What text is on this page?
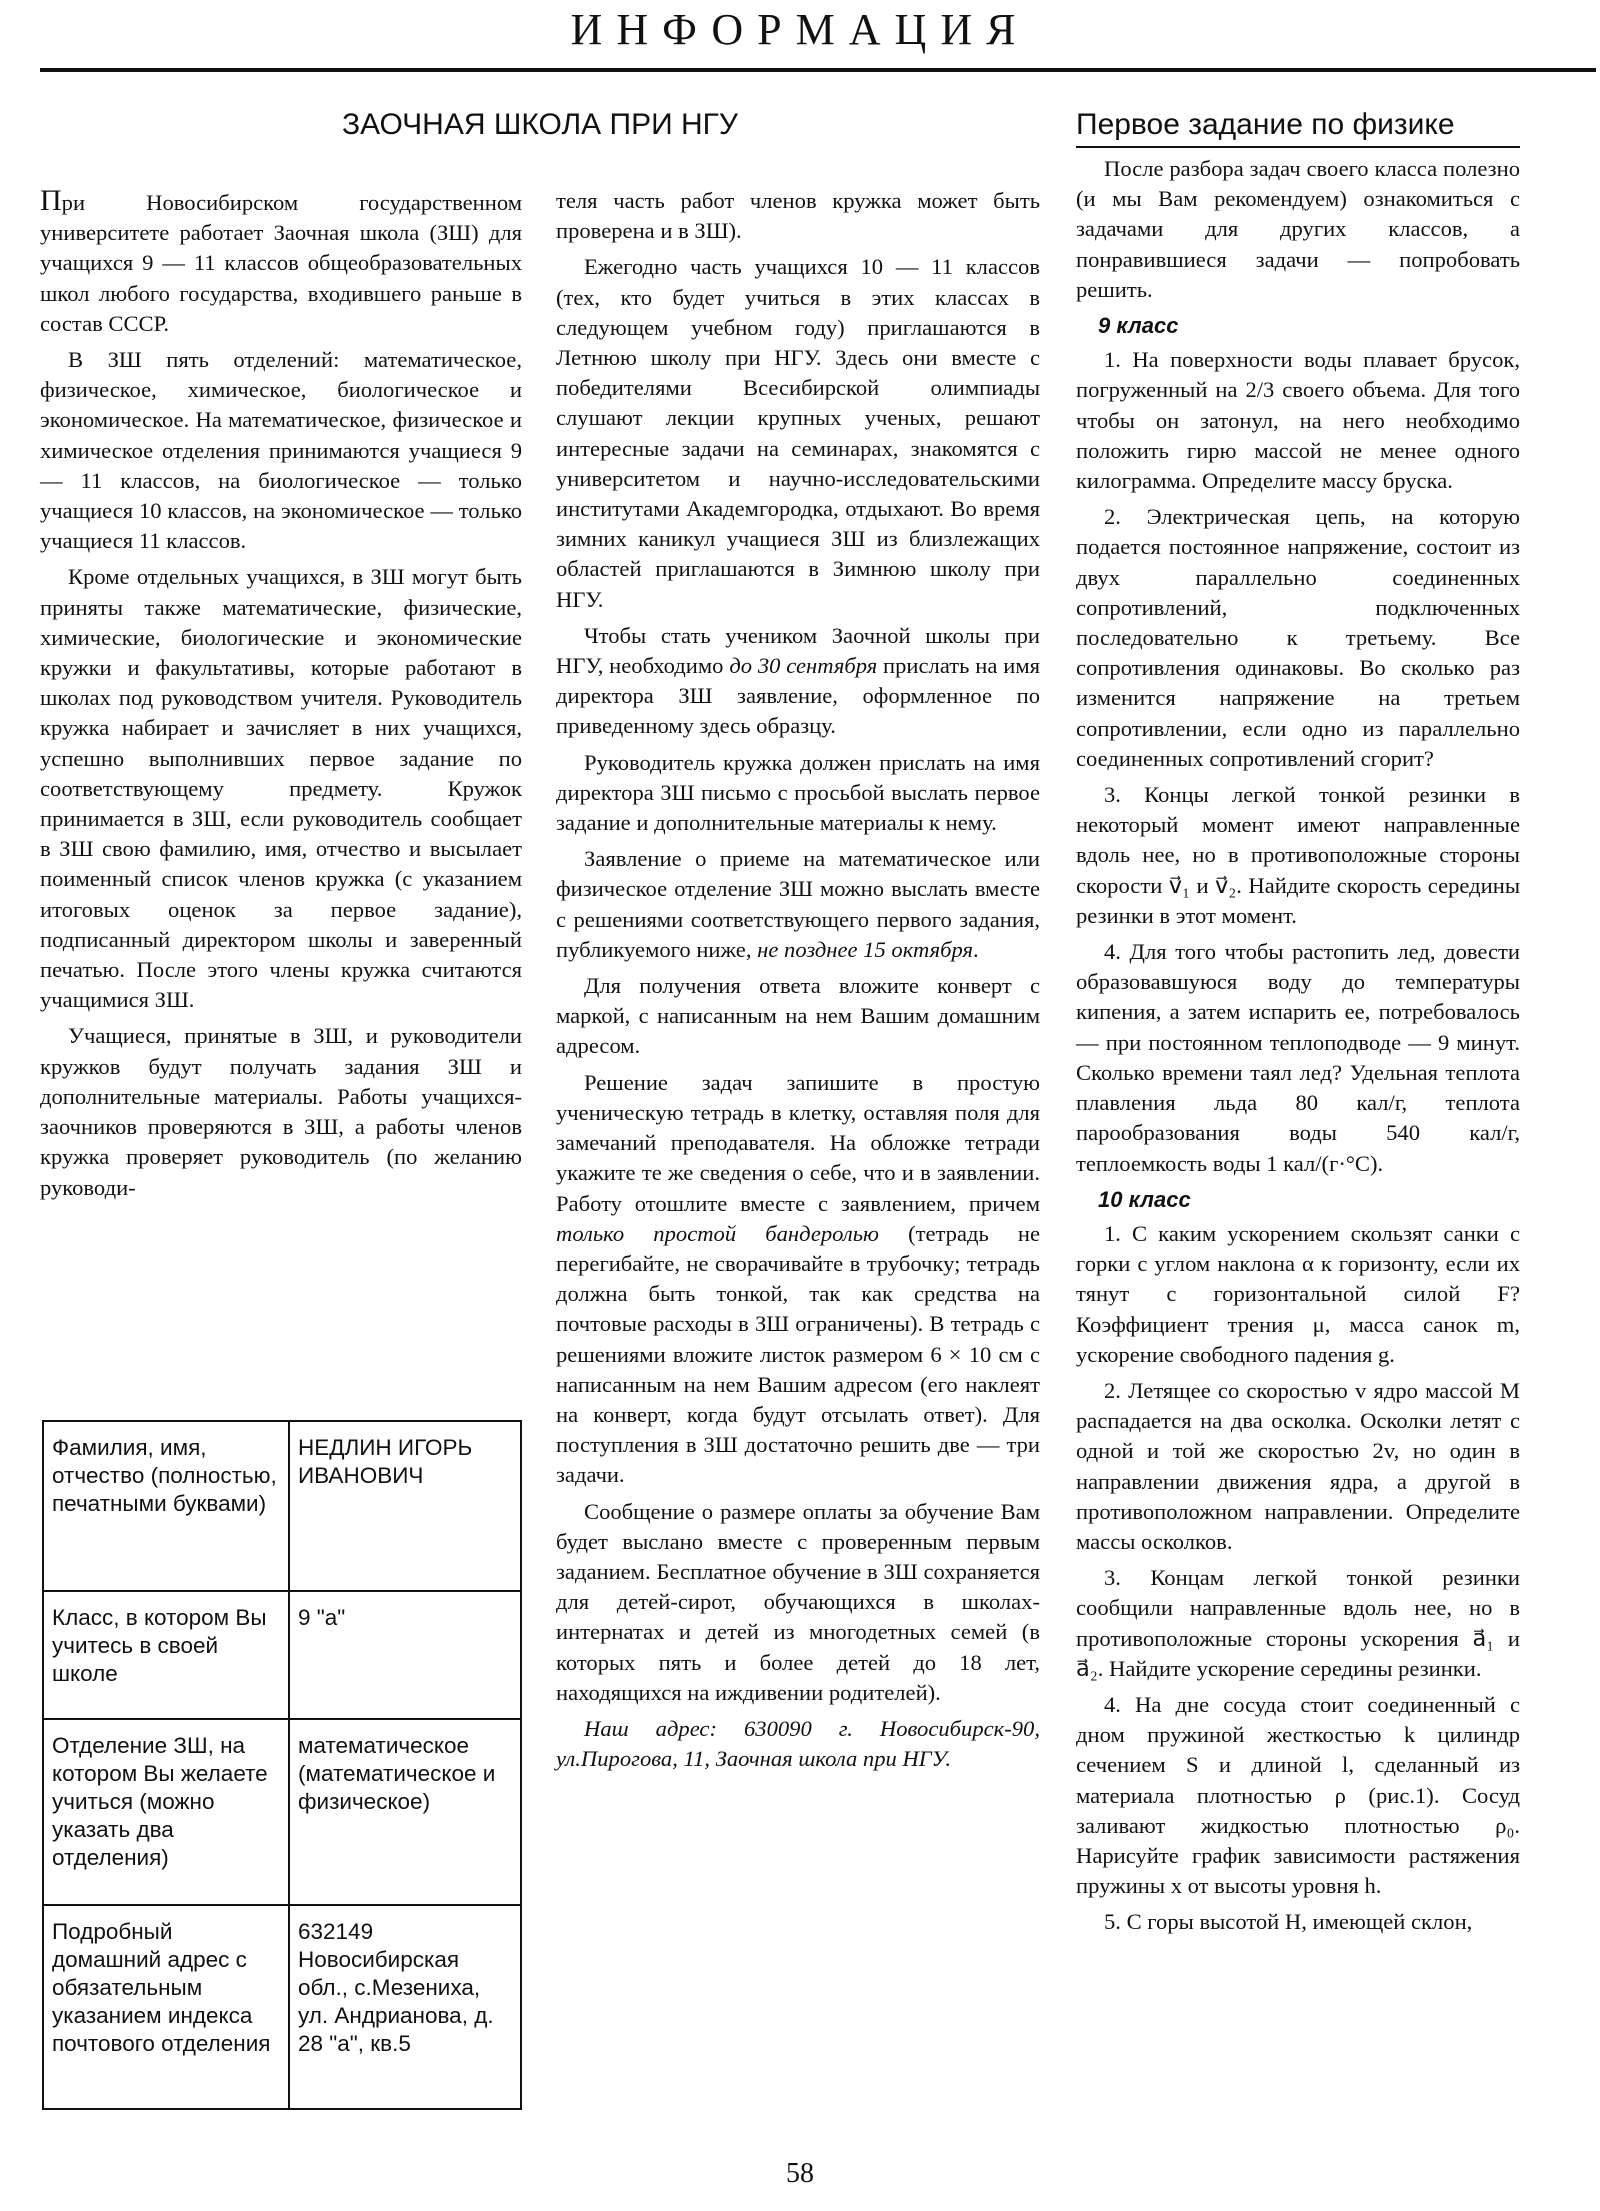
ИНФОРМАЦИЯ
ЗАОЧНАЯ ШКОЛА ПРИ НГУ	Первое задание по физике

При Новосибирском государственном университете работает Заочная школа (ЗШ) для учащихся 9 — 11 классов общеобразовательных школ любого государства, входившего раньше в состав СССР.

В ЗШ пять отделений: математическое, физическое, химическое, биологическое и экономическое. На математическое, физическое и химическое отделения принимаются учащиеся 9 — 11 классов, на биологическое — только учащиеся 10 классов, на экономическое — только учащиеся 11 классов.

Кроме отдельных учащихся, в ЗШ могут быть приняты также математические, физические, химические, биологические и экономические кружки и факультативы, которые работают в школах под руководством учителя. Руководитель кружка набирает и зачисляет в них учащихся, успешно выполнивших первое задание по соответствующему предмету. Кружок принимается в ЗШ, если руководитель сообщает в ЗШ свою фамилию, имя, отчество и высылает поименный список членов кружка (с указанием итоговых оценок за первое задание), подписанный директором школы и заверенный печатью. После этого члены кружка считаются учащимися ЗШ.

Учащиеся, принятые в ЗШ, и руководители кружков будут получать задания ЗШ и дополнительные материалы. Работы учащихся-заочников проверяются в ЗШ, а работы членов кружка проверяет руководитель (по желанию руководи-

Фамилия, имя, отчество (полностью, печатными буквами)	НЕДЛИН ИГОРЬ ИВАНОВИЧ
Класс, в котором Вы учитесь в своей школе	9 "а"
Отделение ЗШ, на котором Вы желаете учиться (можно указать два отделения)	математическое (математическое и физическое)
Подробный домашний адрес с обязательным указанием индекса почтового отделения	632149 Новосибирская обл., с.Мезениха, ул. Андрианова, д. 28 "а", кв.5

теля часть работ членов кружка может быть проверена и в ЗШ).

Ежегодно часть учащихся 10 — 11 классов (тех, кто будет учиться в этих классах в следующем учебном году) приглашаются в Летнюю школу при НГУ. Здесь они вместе с победителями Всесибирской олимпиады слушают лекции крупных ученых, решают интересные задачи на семинарах, знакомятся с университетом и научно-исследовательскими институтами Академгородка, отдыхают. Во время зимних каникул учащиеся ЗШ из близлежащих областей приглашаются в Зимнюю школу при НГУ.

Чтобы стать учеником Заочной школы при НГУ, необходимо до 30 сентября прислать на имя директора ЗШ заявление, оформленное по приведенному здесь образцу.

Руководитель кружка должен прислать на имя директора ЗШ письмо с просьбой выслать первое задание и дополнительные материалы к нему.

Заявление о приеме на математическое или физическое отделение ЗШ можно выслать вместе с решениями соответствующего первого задания, публикуемого ниже, не позднее 15 октября.

Для получения ответа вложите конверт с маркой, с написанным на нем Вашим домашним адресом.

Решение задач запишите в простую ученическую тетрадь в клетку, оставляя поля для замечаний преподавателя. На обложке тетради укажите те же сведения о себе, что и в заявлении. Работу отошлите вместе с заявлением, причем только простой бандеролью (тетрадь не перегибайте, не сворачивайте в трубочку; тетрадь должна быть тонкой, так как средства на почтовые расходы в ЗШ ограничены). В тетрадь с решениями вложите листок размером 6 × 10 см с написанным на нем Вашим адресом (его наклеят на конверт, когда будут отсылать ответ). Для поступления в ЗШ достаточно решить две — три задачи.

Сообщение о размере оплаты за обучение Вам будет выслано вместе с проверенным первым заданием. Бесплатное обучение в ЗШ сохраняется для детей-сирот, обучающихся в школах-интернатах и детей из многодетных семей (в которых пять и более детей до 18 лет, находящихся на иждивении родителей).

Наш адрес: 630090 г. Новосибирск-90, ул.Пирогова, 11, Заочная школа при НГУ.

После разбора задач своего класса полезно (и мы Вам рекомендуем) ознакомиться с задачами для других классов, а понравившиеся задачи — попробовать решить.

9 класс

1. На поверхности воды плавает брусок, погруженный на 2/3 своего объема. Для того чтобы он затонул, на него необходимо положить гирю массой не менее одного килограмма. Определите массу бруска.

2. Электрическая цепь, на которую подается постоянное напряжение, состоит из двух параллельно соединенных сопротивлений, подключенных последовательно к третьему. Все сопротивления одинаковы. Во сколько раз изменится напряжение на третьем сопротивлении, если одно из параллельно соединенных сопротивлений сгорит?

3. Концы легкой тонкой резинки в некоторый момент имеют направленные вдоль нее, но в противоположные стороны скорости v⃗₁ и v⃗₂. Найдите скорость середины резинки в этот момент.

4. Для того чтобы растопить лед, довести образовавшуюся воду до температуры кипения, а затем испарить ее, потребовалось — при постоянном теплоподводе — 9 минут. Сколько времени таял лед? Удельная теплота плавления льда 80 кал/г, теплота парообразования воды 540 кал/г, теплоемкость воды 1 кал/(г·°С).

10 класс

1. С каким ускорением скользят санки с горки с углом наклона α к горизонту, если их тянут с горизонтальной силой F? Коэффициент трения μ, масса санок m, ускорение свободного падения g.

2. Летящее со скоростью v ядро массой M распадается на два осколка. Осколки летят с одной и той же скоростью 2v, но один в направлении движения ядра, а другой в противоположном направлении. Определите массы осколков.

3. Концам легкой тонкой резинки сообщили направленные вдоль нее, но в противоположные стороны ускорения a⃗₁ и a⃗₂. Найдите ускорение середины резинки.

4. На дне сосуда стоит соединенный с дном пружиной жесткостью k цилиндр сечением S и длиной l, сделанный из материала плотностью ρ (рис.1). Сосуд заливают жидкостью плотностью ρ₀. Нарисуйте график зависимости растяжения пружины x от высоты уровня h.

5. С горы высотой H, имеющей склон,

58
